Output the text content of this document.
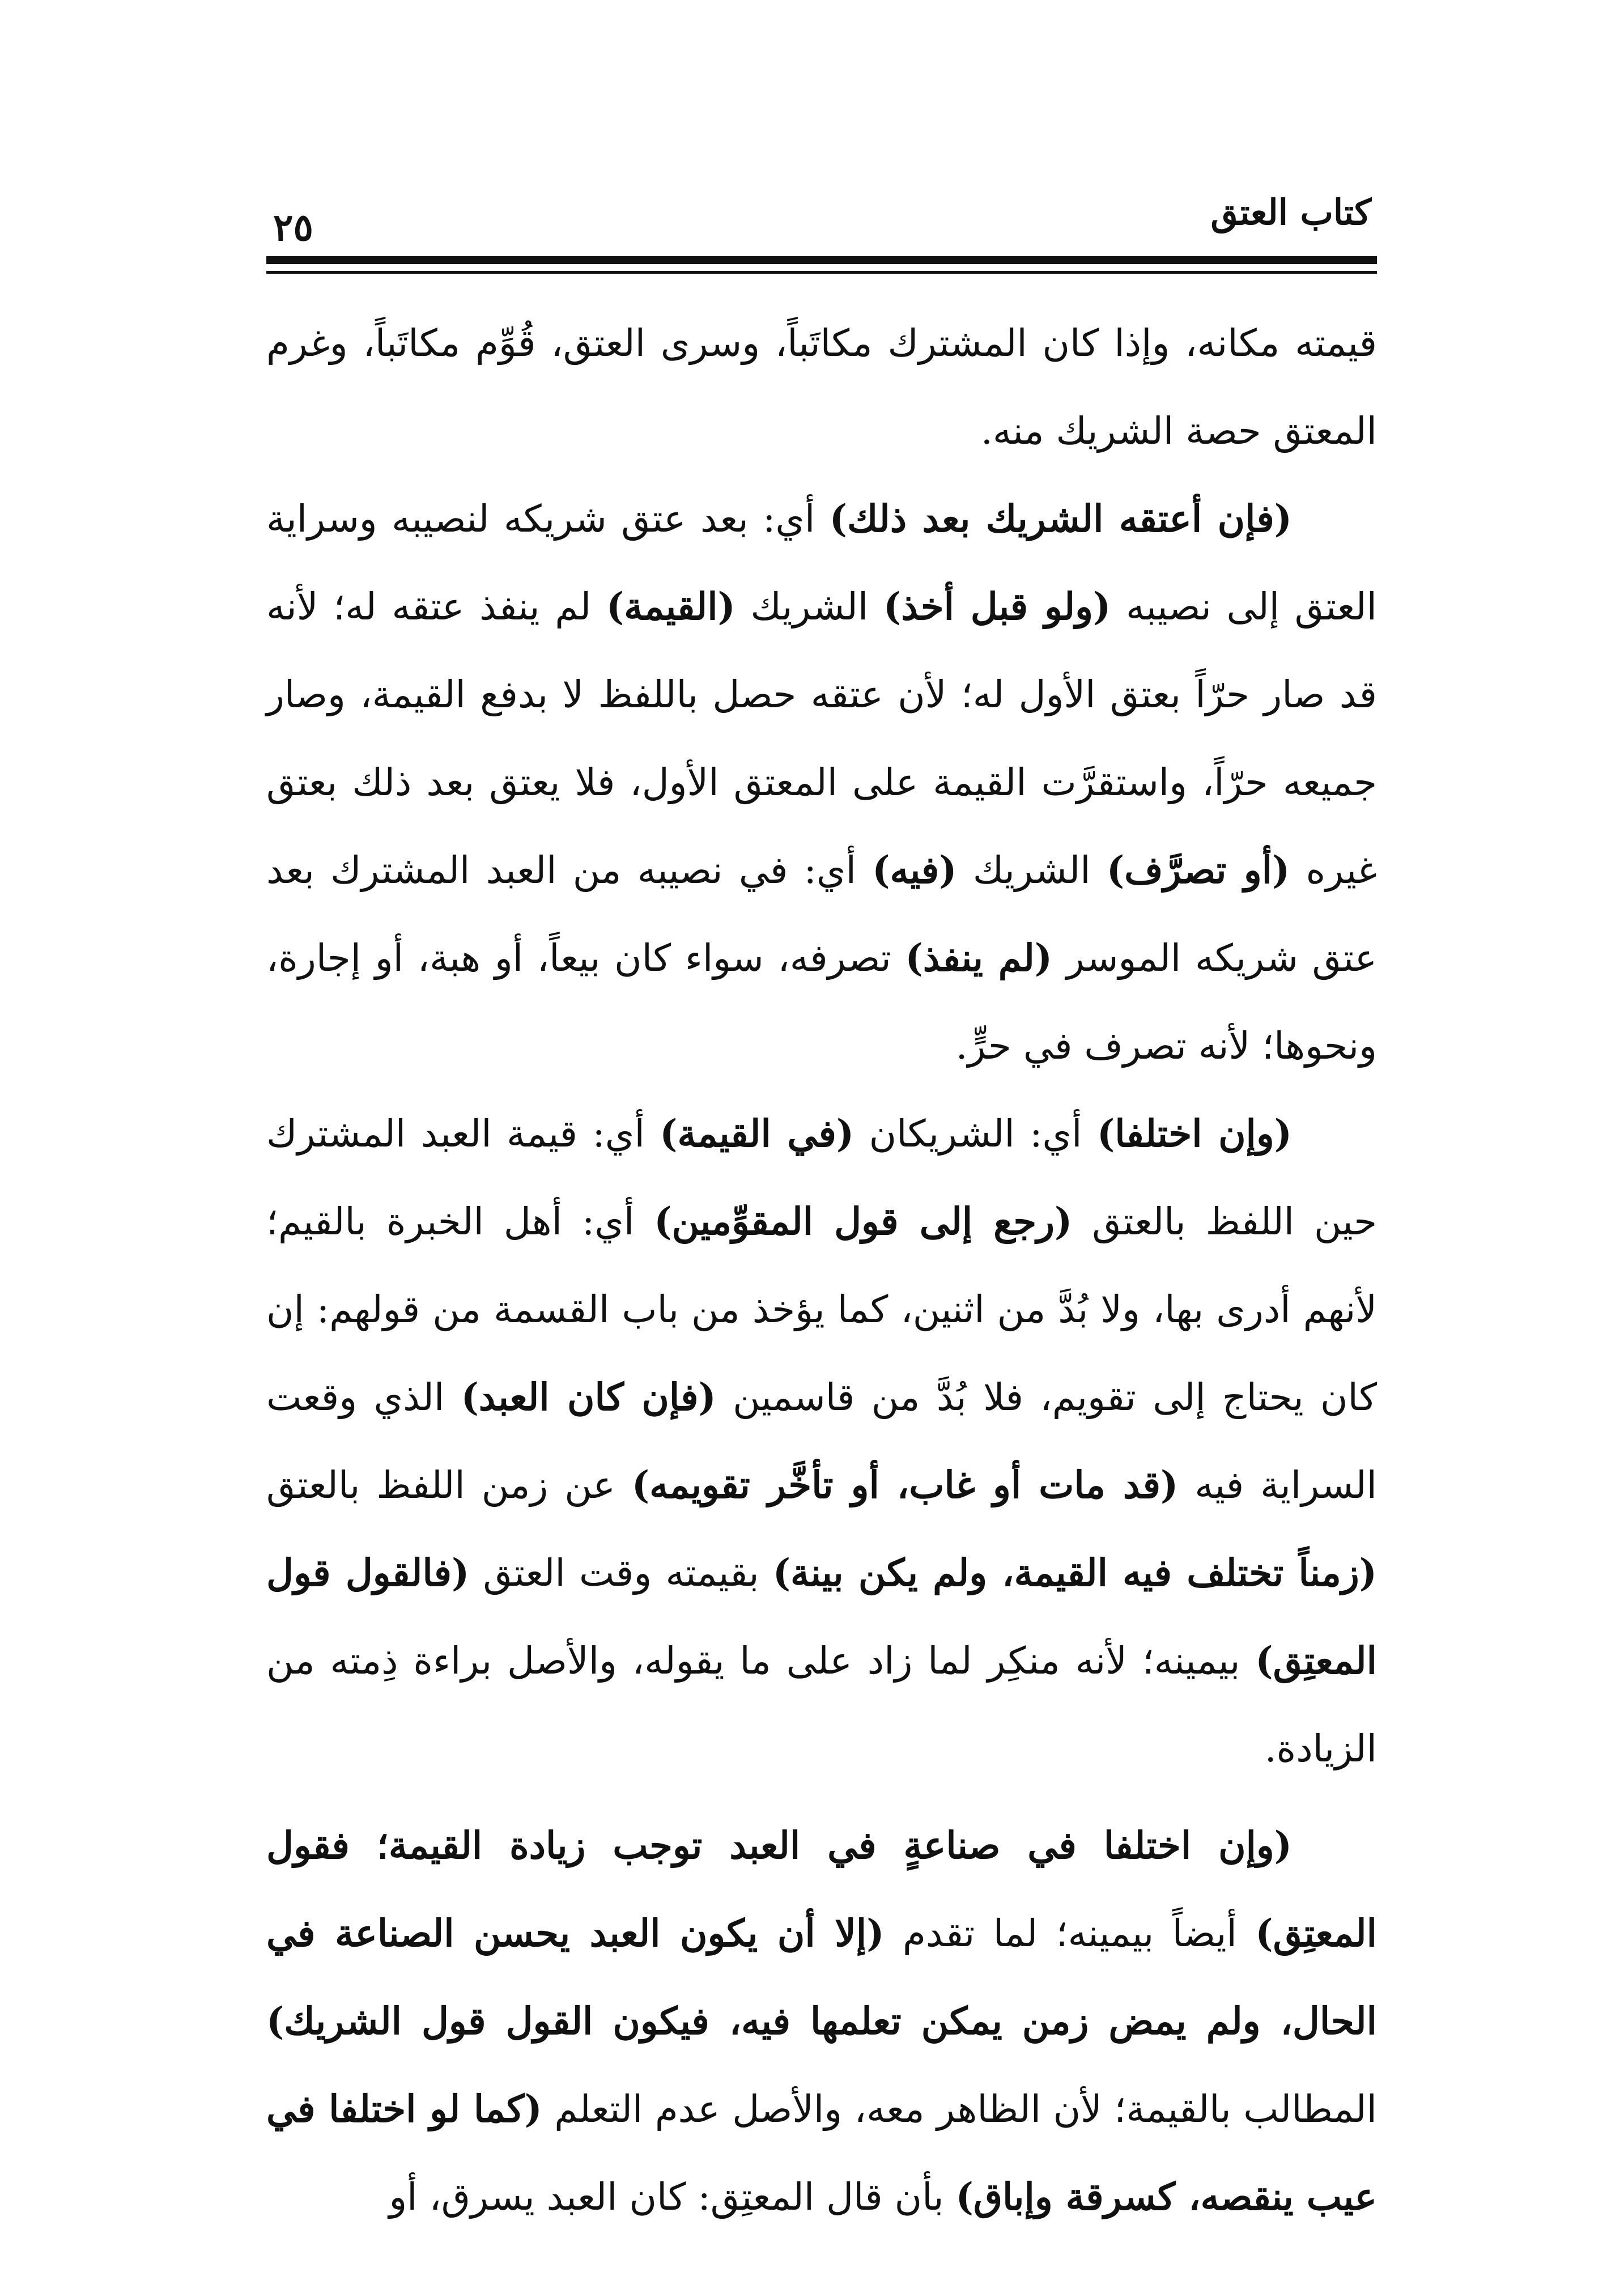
٢٥	كتاب العتق

قيمته مكانه، وإذا كان المشترك مكاتَباً، وسرى العتق، قُوِّم مكاتَباً، وغرم المعتق حصة الشريك منه.

(فإن أعتقه الشريك بعد ذلك) أي: بعد عتق شريكه لنصيبه وسراية العتق إلى نصيبه (ولو قبل أخذ) الشريك (القيمة) لم ينفذ عتقه له؛ لأنه قد صار حرّاً بعتق الأول له؛ لأن عتقه حصل باللفظ لا بدفع القيمة، وصار جميعه حرّاً، واستقرَّت القيمة على المعتق الأول، فلا يعتق بعد ذلك بعتق غيره (أو تصرَّف) الشريك (فيه) أي: في نصيبه من العبد المشترك بعد عتق شريكه الموسر (لم ينفذ) تصرفه، سواء كان بيعاً، أو هبة، أو إجارة، ونحوها؛ لأنه تصرف في حرٍّ.

(وإن اختلفا) أي: الشريكان (في القيمة) أي: قيمة العبد المشترك حين اللفظ بالعتق (رجع إلى قول المقوِّمين) أي: أهل الخبرة بالقيم؛ لأنهم أدرى بها، ولا بُدَّ من اثنين، كما يؤخذ من باب القسمة من قولهم: إن كان يحتاج إلى تقويم، فلا بُدَّ من قاسمين (فإن كان العبد) الذي وقعت السراية فيه (قد مات أو غاب، أو تأخَّر تقويمه) عن زمن اللفظ بالعتق (زمناً تختلف فيه القيمة، ولم يكن بينة) بقيمته وقت العتق (فالقول قول المعتِق) بيمينه؛ لأنه منكِر لما زاد على ما يقوله، والأصل براءة ذِمته من الزيادة.

(وإن اختلفا في صناعةٍ في العبد توجب زيادة القيمة؛ فقول المعتِق) أيضاً بيمينه؛ لما تقدم (إلا أن يكون العبد يحسن الصناعة في الحال، ولم يمض زمن يمكن تعلمها فيه، فيكون القول قول الشريك) المطالب بالقيمة؛ لأن الظاهر معه، والأصل عدم التعلم (كما لو اختلفا في عيب ينقصه، كسرقة وإباق) بأن قال المعتِق: كان العبد يسرق، أو
